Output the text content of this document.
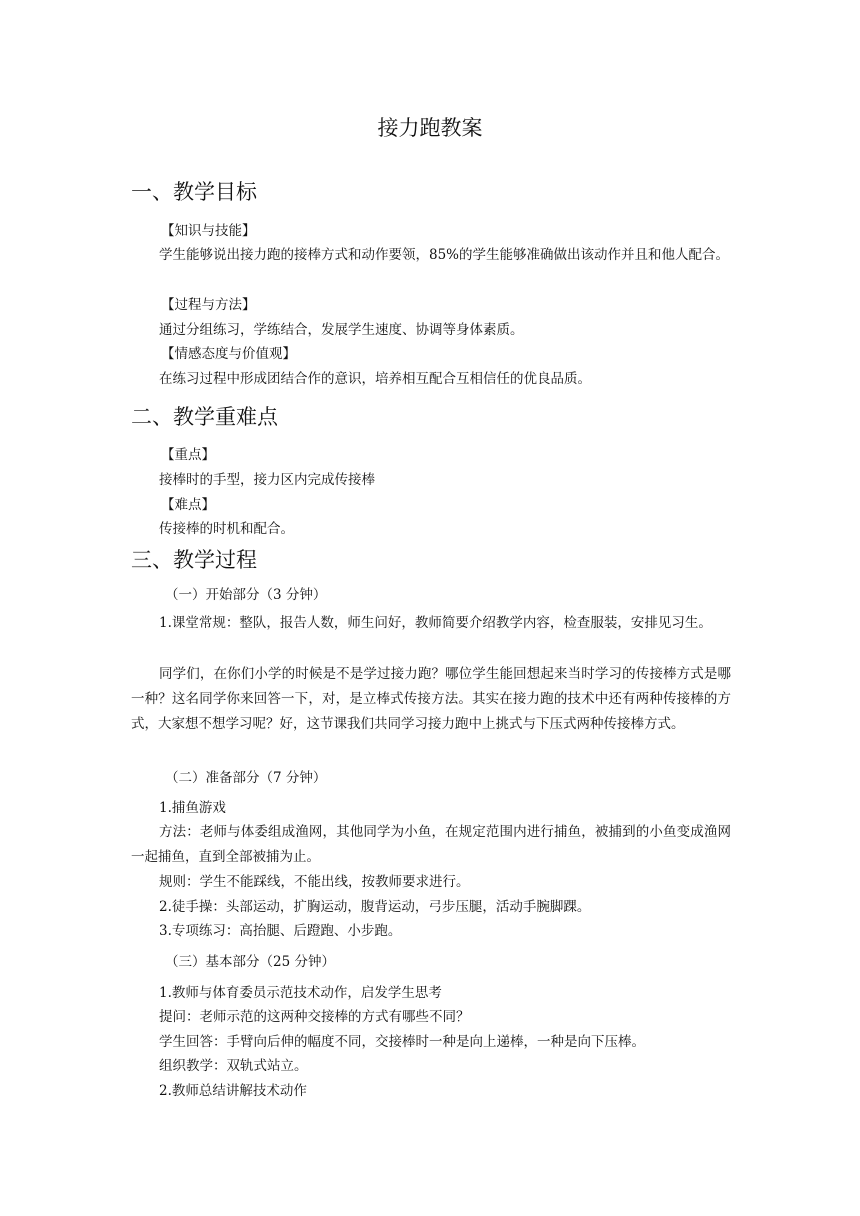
接力跑教案
一、教学目标

【知识与技能】

学生能够说出接力跑的接棒方式和动作要领，85%的学生能够准确做出该动作并且和他人配合。

【过程与方法】

通过分组练习，学练结合，发展学生速度、协调等身体素质。

【情感态度与价值观】

在练习过程中形成团结合作的意识，培养相互配合互相信任的优良品质。

二、教学重难点

【重点】

接棒时的手型，接力区内完成传接棒

【难点】

传接棒的时机和配合。

三、教学过程

（一）开始部分（3 分钟）

1.课堂常规：整队，报告人数，师生问好，教师简要介绍教学内容，检查服装，安排见习生。

同学们，在你们小学的时候是不是学过接力跑？哪位学生能回想起来当时学习的传接棒方式是哪一种？这名同学你来回答一下，对，是立棒式传接方法。其实在接力跑的技术中还有两种传接棒的方式，大家想不想学习呢？好，这节课我们共同学习接力跑中上挑式与下压式两种传接棒方式。

（二）准备部分（7 分钟）

1.捕鱼游戏

方法：老师与体委组成渔网，其他同学为小鱼，在规定范围内进行捕鱼，被捕到的小鱼变成渔网一起捕鱼，直到全部被捕为止。

规则：学生不能踩线，不能出线，按教师要求进行。

2.徒手操：头部运动，扩胸运动，腹背运动，弓步压腿，活动手腕脚踝。

3.专项练习：高抬腿、后蹬跑、小步跑。

（三）基本部分（25 分钟）

1.教师与体育委员示范技术动作，启发学生思考

提问：老师示范的这两种交接棒的方式有哪些不同？

学生回答：手臂向后伸的幅度不同，交接棒时一种是向上递棒，一种是向下压棒。

组织教学：双轨式站立。

2.教师总结讲解技术动作
